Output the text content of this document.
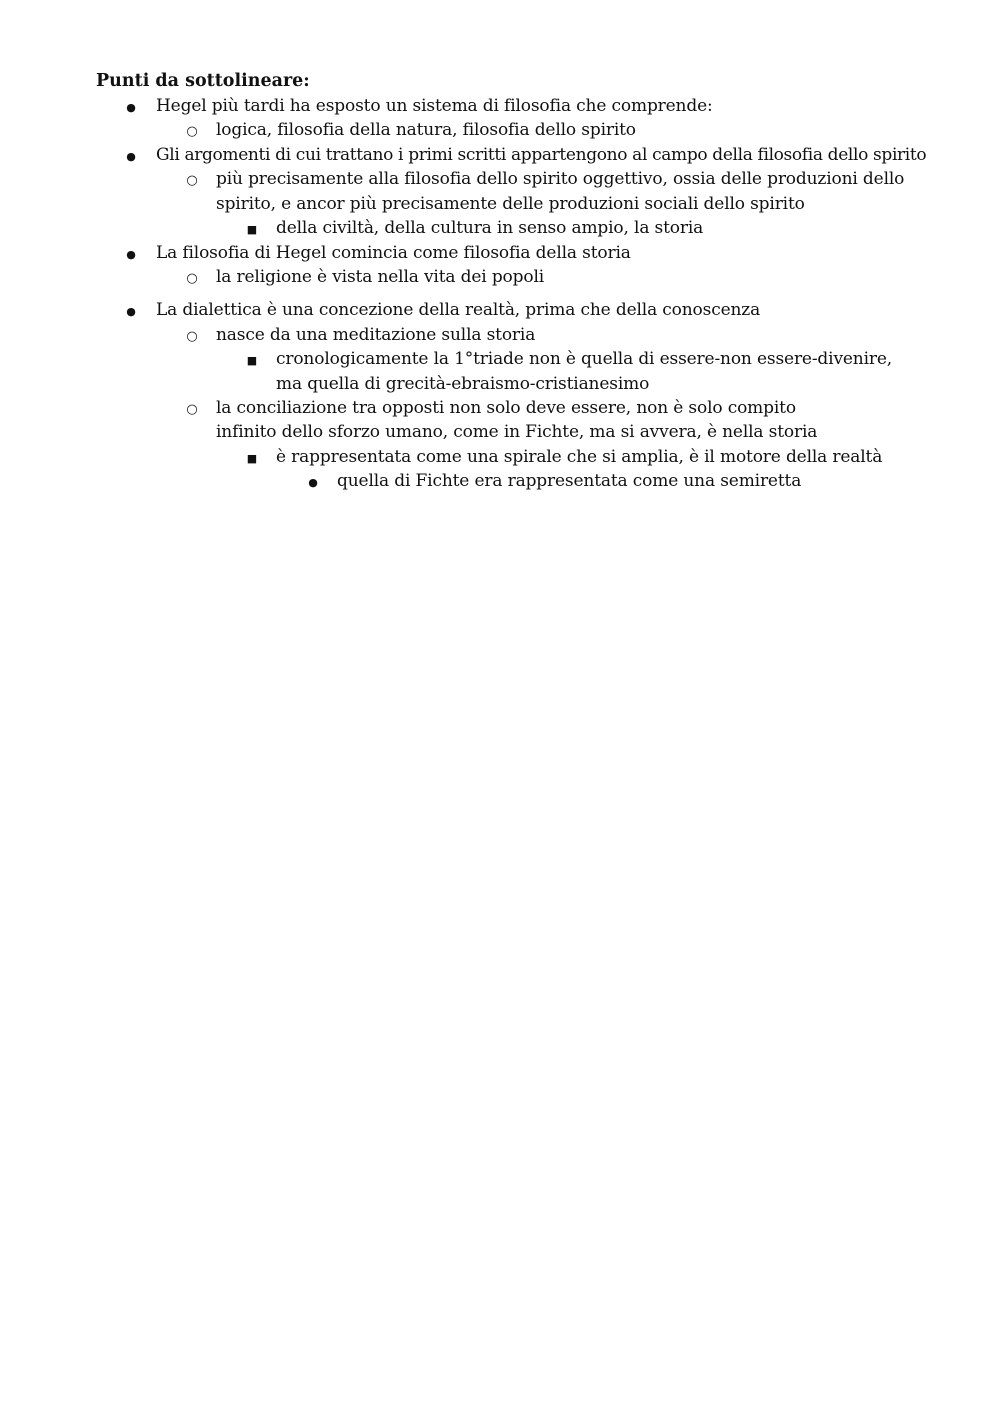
Punti da sottolineare:
●
Hegel più tardi ha esposto un sistema di filosofia che comprende:
○
logica, filosofia della natura, filosofia dello spirito
●
Gli argomenti di cui trattano i primi scritti appartengono al campo della filosofia dello spirito
○
più precisamente alla filosofia dello spirito oggettivo, ossia delle produzioni dello
spirito, e ancor più precisamente delle produzioni sociali dello spirito
■
della civiltà, della cultura in senso ampio, la storia
●
La filosofia di Hegel comincia come filosofia della storia
○
la religione è vista nella vita dei popoli
●
La dialettica è una concezione della realtà, prima che della conoscenza
○
nasce da una meditazione sulla storia
■
cronologicamente la 1°triade non è quella di essere-non essere-divenire,
ma quella di grecità-ebraismo-cristianesimo
○
la conciliazione tra opposti non solo deve essere, non è solo compito
infinito dello sforzo umano, come in Fichte, ma si avvera, è nella storia
■
è rappresentata come una spirale che si amplia, è il motore della realtà
●
quella di Fichte era rappresentata come una semiretta
